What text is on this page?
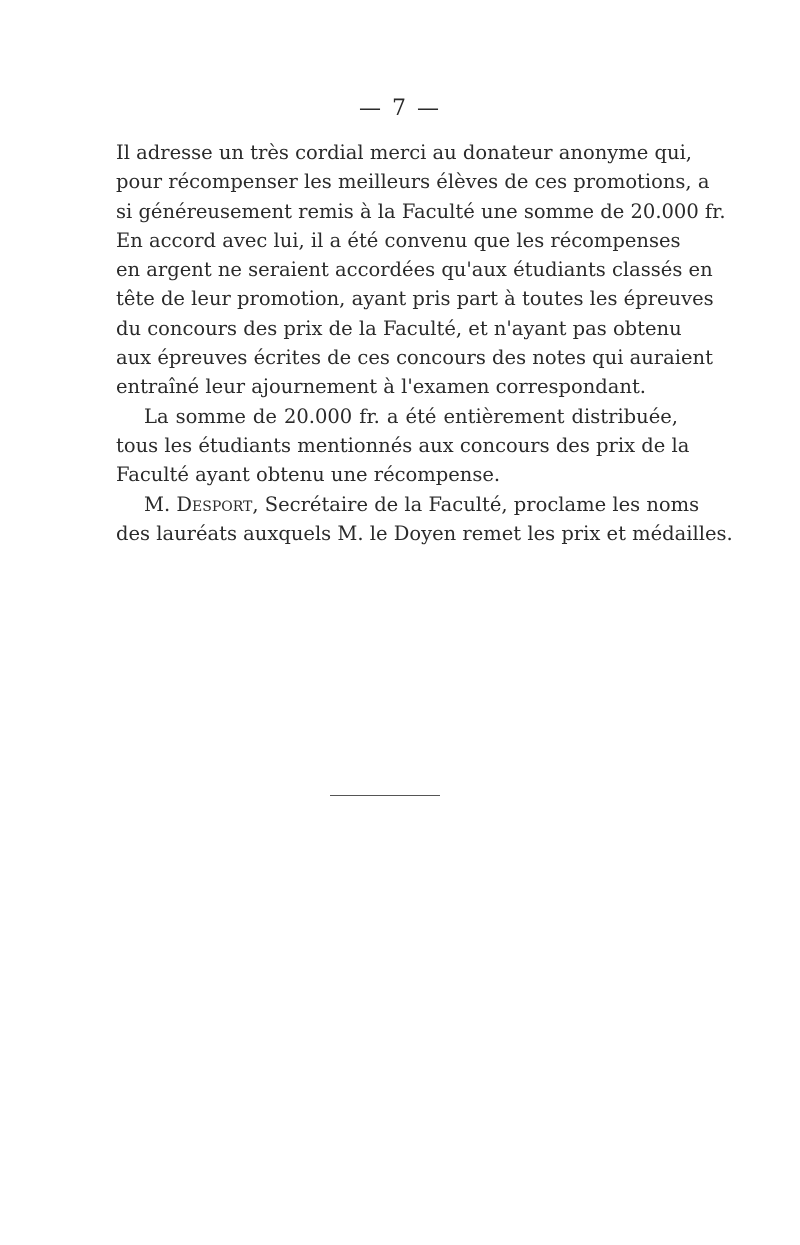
— 7 —
Il adresse un très cordial merci au donateur anonyme qui,
pour récompenser les meilleurs élèves de ces promotions, a
si généreusement remis à la Faculté une somme de 20.000 fr.
En accord avec lui, il a été convenu que les récompenses
en argent ne seraient accordées qu'aux étudiants classés en
tête de leur promotion, ayant pris part à toutes les épreuves
du concours des prix de la Faculté, et n'ayant pas obtenu
aux épreuves écrites de ces concours des notes qui auraient
entraîné leur ajournement à l'examen correspondant.
La somme de 20.000 fr. a été entièrement distribuée,
tous les étudiants mentionnés aux concours des prix de la
Faculté ayant obtenu une récompense.
M. Desport, Secrétaire de la Faculté, proclame les noms
des lauréats auxquels M. le Doyen remet les prix et médailles.
